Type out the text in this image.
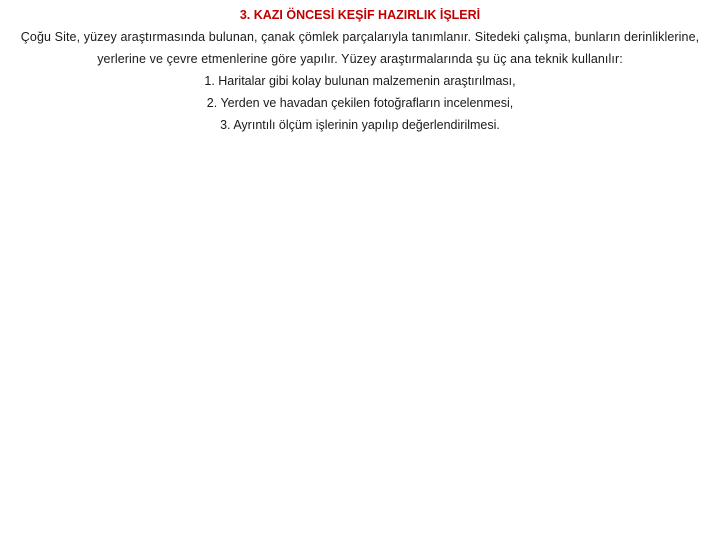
3. KAZI ÖNCESİ KEŞİF HAZIRLIK İŞLERİ
Çoğu Site, yüzey araştırmasında bulunan, çanak çömlek parçalarıyla tanımlanır. Sitedeki çalışma, bunların derinliklerine, yerlerine ve çevre etmenlerine göre yapılır. Yüzey araştırmalarında şu üç ana teknik kullanılır:
1. Haritalar gibi kolay bulunan malzemenin araştırılması,
2. Yerden ve havadan çekilen fotoğrafların incelenmesi,
3. Ayrıntılı ölçüm işlerinin yapılıp değerlendirilmesi.
